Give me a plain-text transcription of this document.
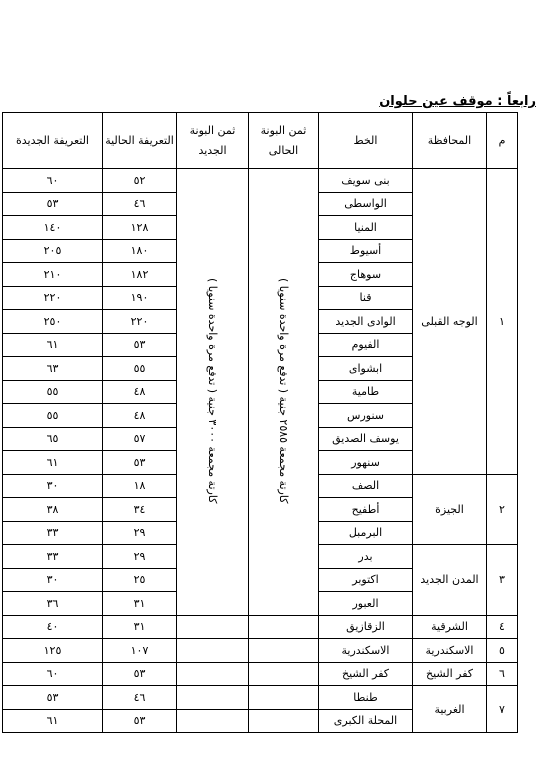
رابعاً : موقف عين حلوان
م	المحافظة	الخط	ثمن البونة الحالى	ثمن البونة الجديد	التعريفة الحالية	التعريفة الجديدة
١	الوجه القبلى	بنى سويف	كارتة مجمعة ٢٥٨٥ جنية ( تدفع مرة واحدة سنويا )	كارتة مجمعة ٣٠٠٠ جنية ( تدفع مرة واحدة سنويا )	٥٢	٦٠
		الواسطى			٤٦	٥٣
		المنيا			١٢٨	١٤٠
		أسيوط			١٨٠	٢٠٥
		سوهاج			١٨٢	٢١٠
		قنا			١٩٠	٢٢٠
		الوادى الجديد			٢٢٠	٢٥٠
		الفيوم			٥٣	٦١
		ابشواى			٥٥	٦٣
		طامية			٤٨	٥٥
		سنورس			٤٨	٥٥
		يوسف الصديق			٥٧	٦٥
		سنهور			٥٣	٦١
٢	الجيزة	الصف			١٨	٣٠
		أطفيح			٣٤	٣٨
		البرمبل			٢٩	٣٣
٣	المدن الجديد	بدر			٢٩	٣٣
		اكتوبر			٢٥	٣٠
		العبور			٣١	٣٦
٤	الشرقية	الزقازيق			٣١	٤٠
٥	الاسكندرية	الاسكندرية			١٠٧	١٢٥
٦	كفر الشيخ	كفر الشيخ			٥٣	٦٠
٧	الغربية	طنطا			٤٦	٥٣
		المحلة الكبرى			٥٣	٦١
